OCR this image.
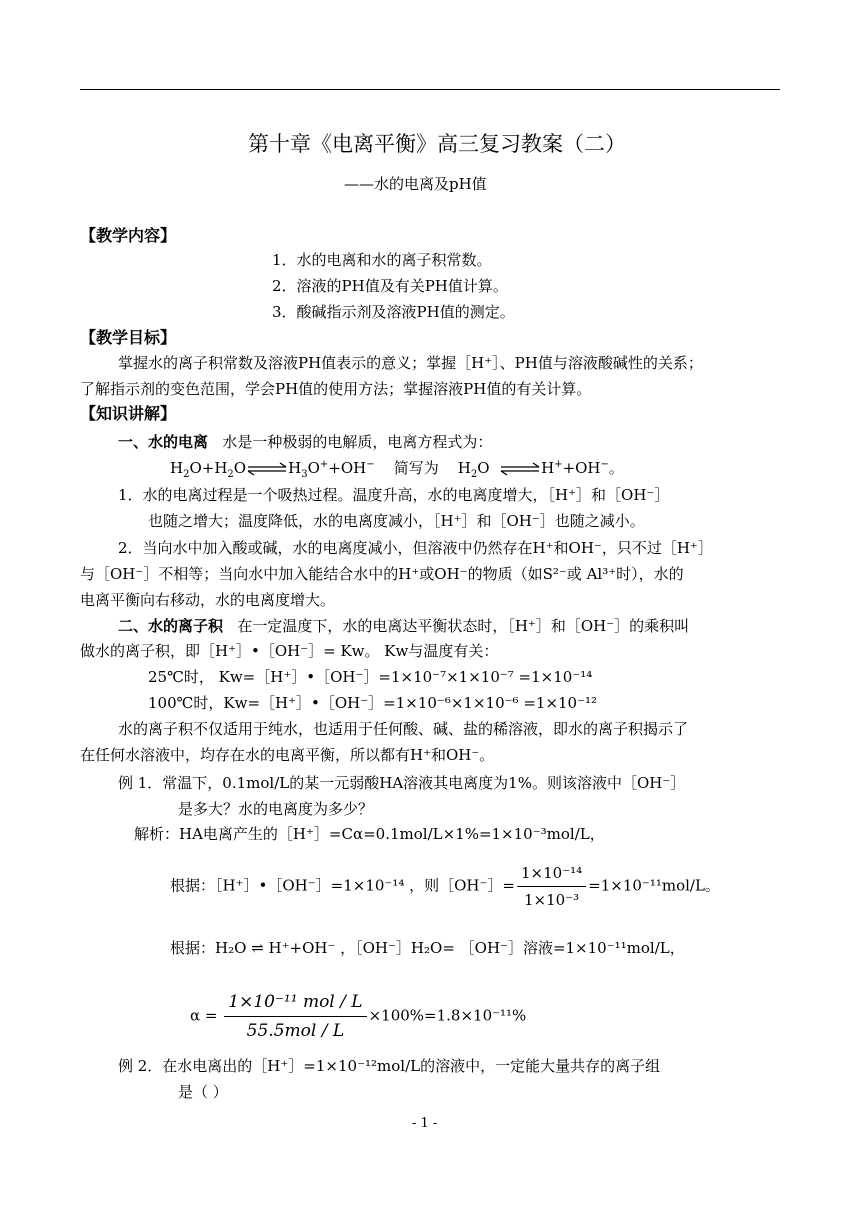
第十章《电离平衡》高三复习教案（二）
——水的电离及pH值
【教学内容】
1．水的电离和水的离子积常数。
2．溶液的PH值及有关PH值计算。
3．酸碱指示剂及溶液PH值的测定。
【教学目标】
掌握水的离子积常数及溶液PH值表示的意义；掌握［H⁺］、PH值与溶液酸碱性的关系；
了解指示剂的变色范围，学会PH值的使用方法；掌握溶液PH值的有关计算。
【知识讲解】
一、水的电离 水是一种极弱的电解质，电离方程式为：
$H_2O+H_2O\rightleftharpoons H_3O^++OH^-$    简写为    $H_2O$ ⇌H++OH−。
1．水的电离过程是一个吸热过程。温度升高，水的电离度增大，［H⁺］和［OH⁻］
也随之增大；温度降低，水的电离度减小，［H⁺］和［OH⁻］也随之减小。
2．当向水中加入酸或碱，水的电离度减小，但溶液中仍然存在H⁺和OH⁻，只不过［H⁺］
与［OH⁻］不相等；当向水中加入能结合水中的H⁺或OH⁻的物质（如S²⁻或 Al³⁺时），水的
电离平衡向右移动，水的电离度增大。
二、水的离子积 在一定温度下，水的电离达平衡状态时，［H⁺］和［OH⁻］的乘积叫
做水的离子积，即［H⁺］•［OH⁻］= Kw。 Kw与温度有关：
25℃时， Kw=［H⁺］•［OH⁻］=1×10⁻⁷×1×10⁻⁷ =1×10⁻¹⁴
100℃时，Kw=［H⁺］•［OH⁻］=1×10⁻⁶×1×10⁻⁶ =1×10⁻¹²
水的离子积不仅适用于纯水，也适用于任何酸、碱、盐的稀溶液，即水的离子积揭示了
在任何水溶液中，均存在水的电离平衡，所以都有H⁺和OH⁻。
例 1．常温下，0.1mol/L的某一元弱酸HA溶液其电离度为1%。则该溶液中［OH⁻］
是多大？水的电离度为多少？
解析：HA电离产生的［H⁺］=Cα=0.1mol/L×1%=1×10⁻³mol/L，
根据：［H⁺］•［OH⁻］=1×10⁻¹⁴ ，则［OH⁻］= $\frac{\text{1×10⁻¹⁴}}{\text{1×10⁻³}} =1\times 10^{-11}mol/L$。
根据：H₂O ⇌ H⁺+OH⁻ ，［OH⁻］H₂O= ［OH⁻］溶液=1×10⁻¹¹mol/L，
$\alpha = \frac{\text{1×10⁻¹¹ mol / L}}{\text{55.5mol / L}} \times 100\%=1.8\times 10^{-11}\%$
例 2．在水电离出的［H⁺］=1×10⁻¹²mol/L的溶液中，一定能大量共存的离子组
是（ ）
- 1 -
